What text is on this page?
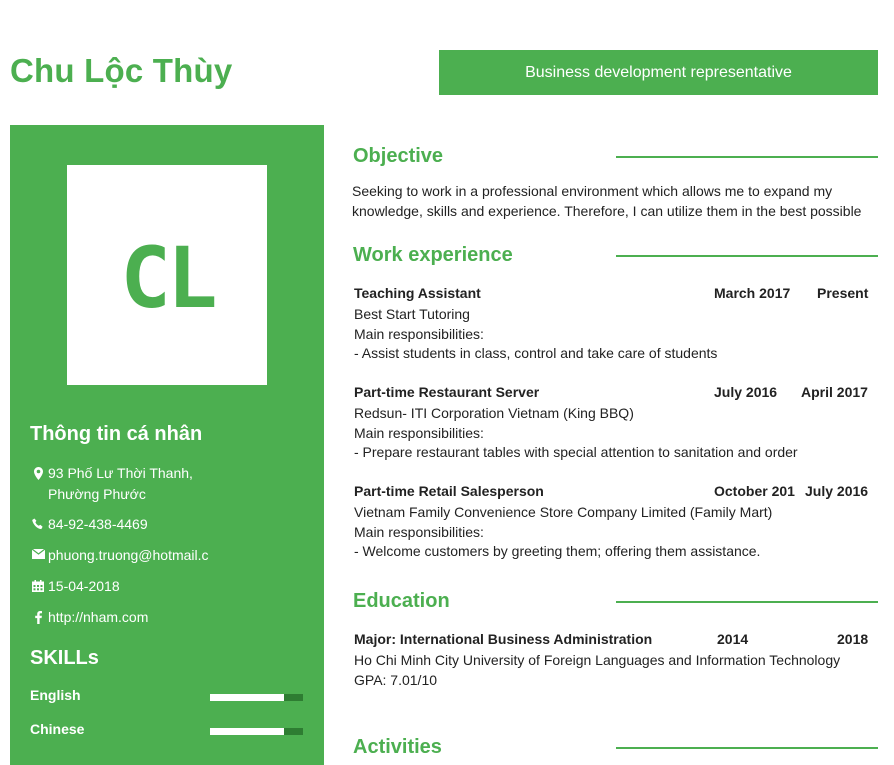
Chu Lộc Thùy	Business development representative
CL
Thông tin cá nhân
93 Phố Lư Thời Thanh,
Phường Phước
84-92-438-4469
phuong.truong@hotmail.c
15-04-2018
http://nham.com
SKILLs
English
Chinese
Objective
Seeking to work in a professional environment which allows me to expand my
knowledge, skills and experience. Therefore, I can utilize them in the best possible
Work experience
Teaching Assistant	March 2017 Present
Best Start Tutoring
Main responsibilities:
- Assist students in class, control and take care of students
Part-time Restaurant Server	July 2016 April 2017
Redsun- ITI Corporation Vietnam (King BBQ)
Main responsibilities:
- Prepare restaurant tables with special attention to sanitation and order
Part-time Retail Salesperson	October 201 July 2016
Vietnam Family Convenience Store Company Limited (Family Mart)
Main responsibilities:
- Welcome customers by greeting them; offering them assistance.
Education
Major: International Business Administration	2014	2018
Ho Chi Minh City University of Foreign Languages and Information Technology
GPA: 7.01/10
Activities
